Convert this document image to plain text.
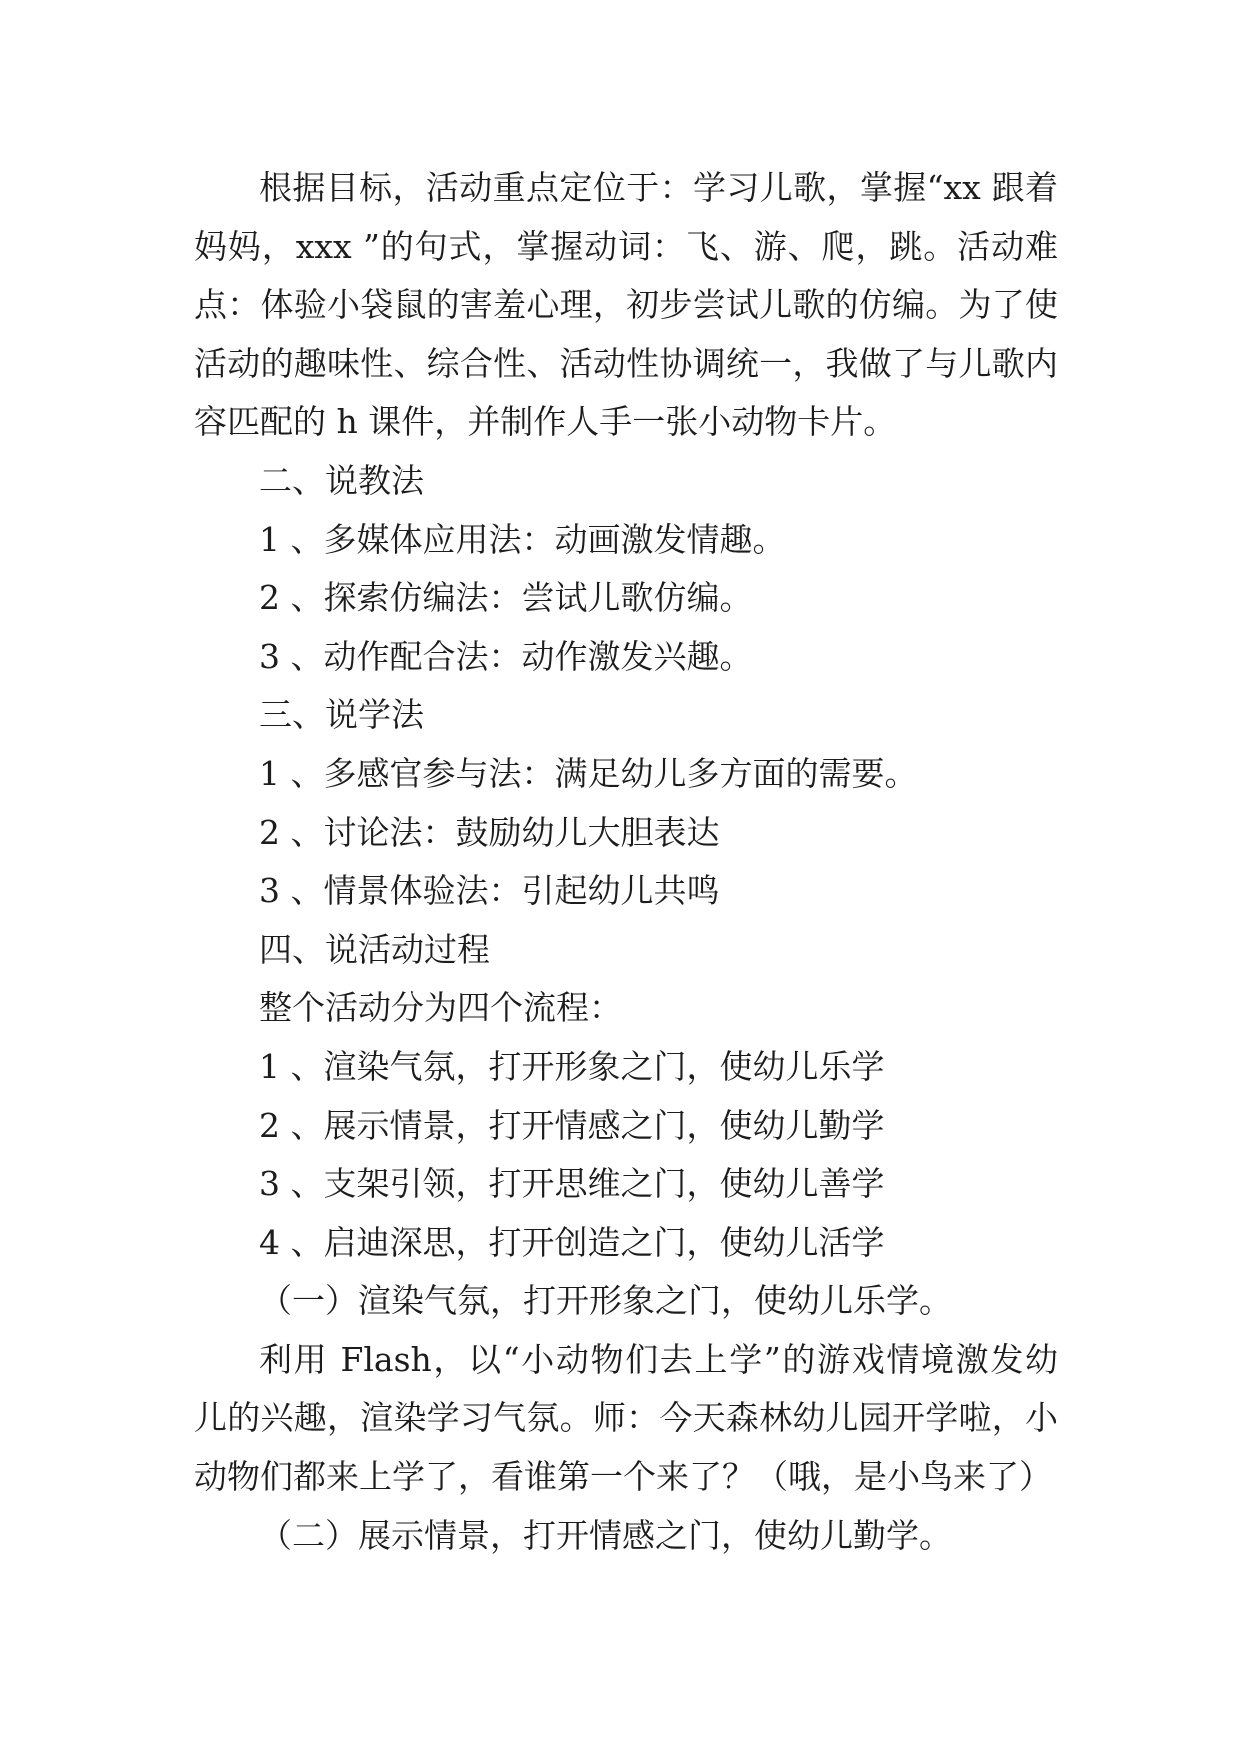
根据目标，活动重点定位于：学习儿歌，掌握“xx 跟着
妈妈，xxx ”的句式，掌握动词：飞、游、爬，跳。活动难
点：体验小袋鼠的害羞心理，初步尝试儿歌的仿编。为了使
活动的趣味性、综合性、活动性协调统一，我做了与儿歌内
容匹配的 h 课件，并制作人手一张小动物卡片。
二、说教法
1 、多媒体应用法：动画激发情趣。
2 、探索仿编法：尝试儿歌仿编。
3 、动作配合法：动作激发兴趣。
三、说学法
1 、多感官参与法：满足幼儿多方面的需要。
2 、讨论法：鼓励幼儿大胆表达
3 、情景体验法：引起幼儿共鸣
四、说活动过程
整个活动分为四个流程：
1 、渲染气氛，打开形象之门，使幼儿乐学
2 、展示情景，打开情感之门，使幼儿勤学
3 、支架引领，打开思维之门，使幼儿善学
4 、启迪深思，打开创造之门，使幼儿活学
（一）渲染气氛，打开形象之门，使幼儿乐学。
利用 Flash，以“小动物们去上学”的游戏情境激发幼
儿的兴趣，渲染学习气氛。师：今天森林幼儿园开学啦，小
动物们都来上学了，看谁第一个来了？（哦，是小鸟来了）
（二）展示情景，打开情感之门，使幼儿勤学。
